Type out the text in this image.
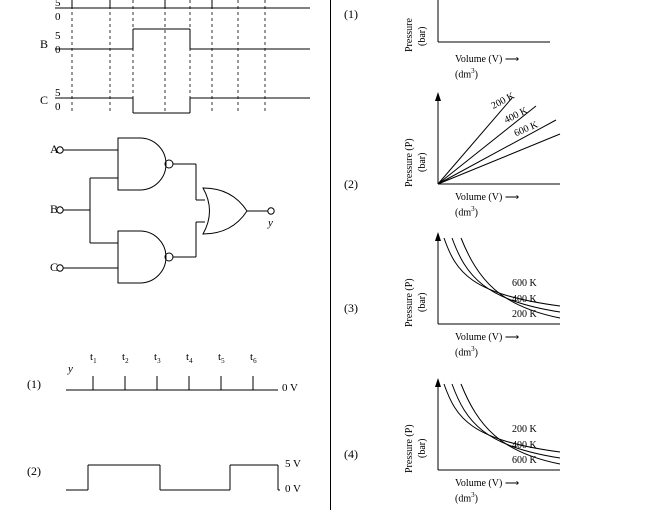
5
0
B
5
0
C 5
0
A
B
C
y
(1)
y
$t_1$ $t_2$ $t_3$ $t_4$ $t_5$ $t_6$
0 V
(2)	5 V
0 V
(1)
Pressure (bar)
Volume (V) ⟶
$(dm^3)$
(2)	Pressure (P) (bar)
Volume (V) ⟶
$(dm^3)$
200 K
400 K
600 K
(3)	Pressure (P) (bar)
Volume (V) ⟶
$(dm^3)$
600 K
400 K
200 K
(4)	Pressure (P) (bar)
Volume (V) ⟶
$(dm^3)$
200 K
400 K
600 K
